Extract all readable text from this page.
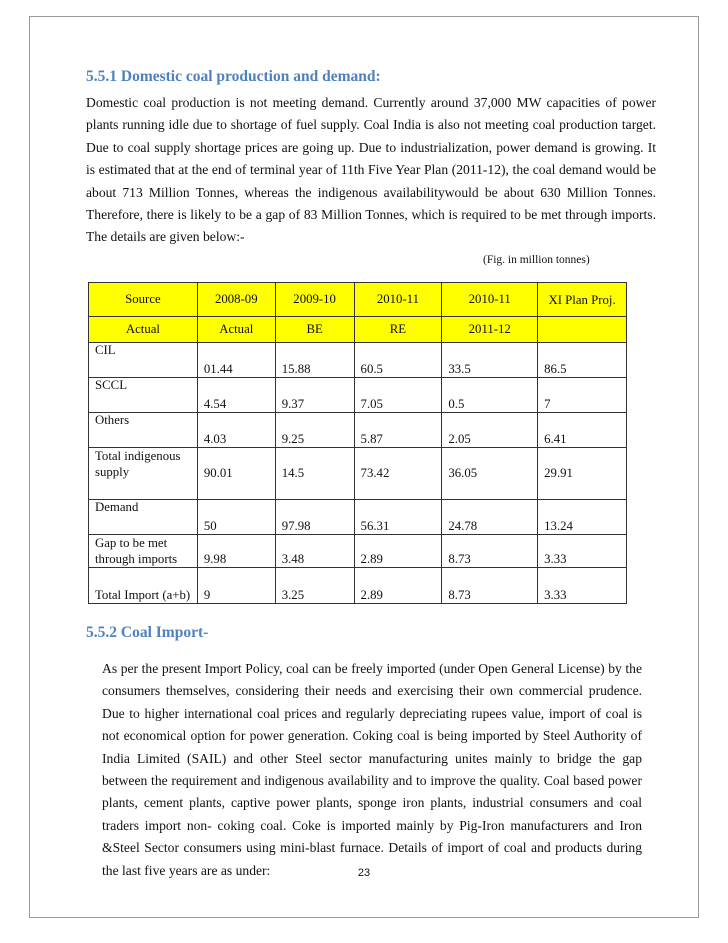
5.5.1 Domestic coal production and demand:
Domestic coal production is not meeting demand. Currently around 37,000 MW capacities of power plants running idle due to shortage of fuel supply. Coal India is also not meeting coal production target. Due to coal supply shortage prices are going up. Due to industrialization, power demand is growing. It is estimated that at the end of terminal year of 11th Five Year Plan (2011-12), the coal demand would be about 713 Million Tonnes, whereas the indigenous availabilitywould be about 630 Million Tonnes. Therefore, there is likely to be a gap of 83 Million Tonnes, which is required to be met through imports. The details are given below:-
(Fig. in million tonnes)
Source	2008-09	2009-10	2010-11	2010-11	XI Plan Proj.
Actual	Actual	BE	RE	2011-12	
CIL	01.44	15.88	60.5	33.5	86.5
SCCL	4.54	9.37	7.05	0.5	7
Others	4.03	9.25	5.87	2.05	6.41
Total indigenous supply	90.01	14.5	73.42	36.05	29.91
Demand	50	97.98	56.31	24.78	13.24
Gap to be met through imports	9.98	3.48	2.89	8.73	3.33
Total Import (a+b)	9	3.25	2.89	8.73	3.33
5.5.2 Coal Import-
As per the present Import Policy, coal can be freely imported (under Open General License) by the consumers themselves, considering their needs and exercising their own commercial prudence. Due to higher international coal prices and regularly depreciating rupees value, import of coal is not economical option for power generation. Coking coal is being imported by Steel Authority of India Limited (SAIL) and other Steel sector manufacturing unites mainly to bridge the gap between the requirement and indigenous availability and to improve the quality. Coal based power plants, cement plants, captive power plants, sponge iron plants, industrial consumers and coal traders import non- coking coal. Coke is imported mainly by Pig-Iron manufacturers and Iron &Steel Sector consumers using mini-blast furnace. Details of import of coal and products during the last five years are as under:	23
